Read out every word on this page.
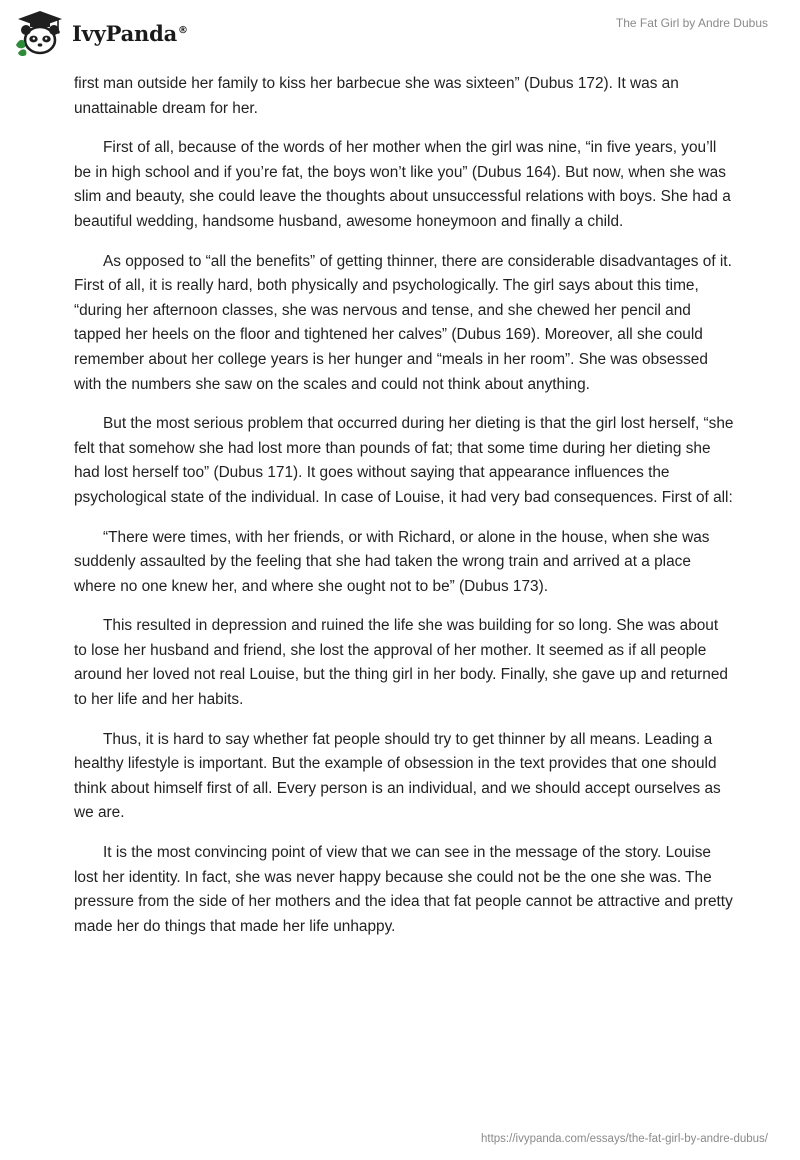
IvyPanda®	The Fat Girl by Andre Dubus

first man outside her family to kiss her barbecue she was sixteen” (Dubus 172). It was an unattainable dream for her.

First of all, because of the words of her mother when the girl was nine, “in five years, you’ll be in high school and if you’re fat, the boys won’t like you” (Dubus 164). But now, when she was slim and beauty, she could leave the thoughts about unsuccessful relations with boys. She had a beautiful wedding, handsome husband, awesome honeymoon and finally a child.

As opposed to “all the benefits” of getting thinner, there are considerable disadvantages of it. First of all, it is really hard, both physically and psychologically. The girl says about this time, “during her afternoon classes, she was nervous and tense, and she chewed her pencil and tapped her heels on the floor and tightened her calves” (Dubus 169). Moreover, all she could remember about her college years is her hunger and “meals in her room”. She was obsessed with the numbers she saw on the scales and could not think about anything.

But the most serious problem that occurred during her dieting is that the girl lost herself, “she felt that somehow she had lost more than pounds of fat; that some time during her dieting she had lost herself too” (Dubus 171). It goes without saying that appearance influences the psychological state of the individual. In case of Louise, it had very bad consequences. First of all:

“There were times, with her friends, or with Richard, or alone in the house, when she was suddenly assaulted by the feeling that she had taken the wrong train and arrived at a place where no one knew her, and where she ought not to be” (Dubus 173).

This resulted in depression and ruined the life she was building for so long. She was about to lose her husband and friend, she lost the approval of her mother. It seemed as if all people around her loved not real Louise, but the thing girl in her body. Finally, she gave up and returned to her life and her habits.

Thus, it is hard to say whether fat people should try to get thinner by all means. Leading a healthy lifestyle is important. But the example of obsession in the text provides that one should think about himself first of all. Every person is an individual, and we should accept ourselves as we are.

It is the most convincing point of view that we can see in the message of the story. Louise lost her identity. In fact, she was never happy because she could not be the one she was. The pressure from the side of her mothers and the idea that fat people cannot be attractive and pretty made her do things that made her life unhappy.

https://ivypanda.com/essays/the-fat-girl-by-andre-dubus/
